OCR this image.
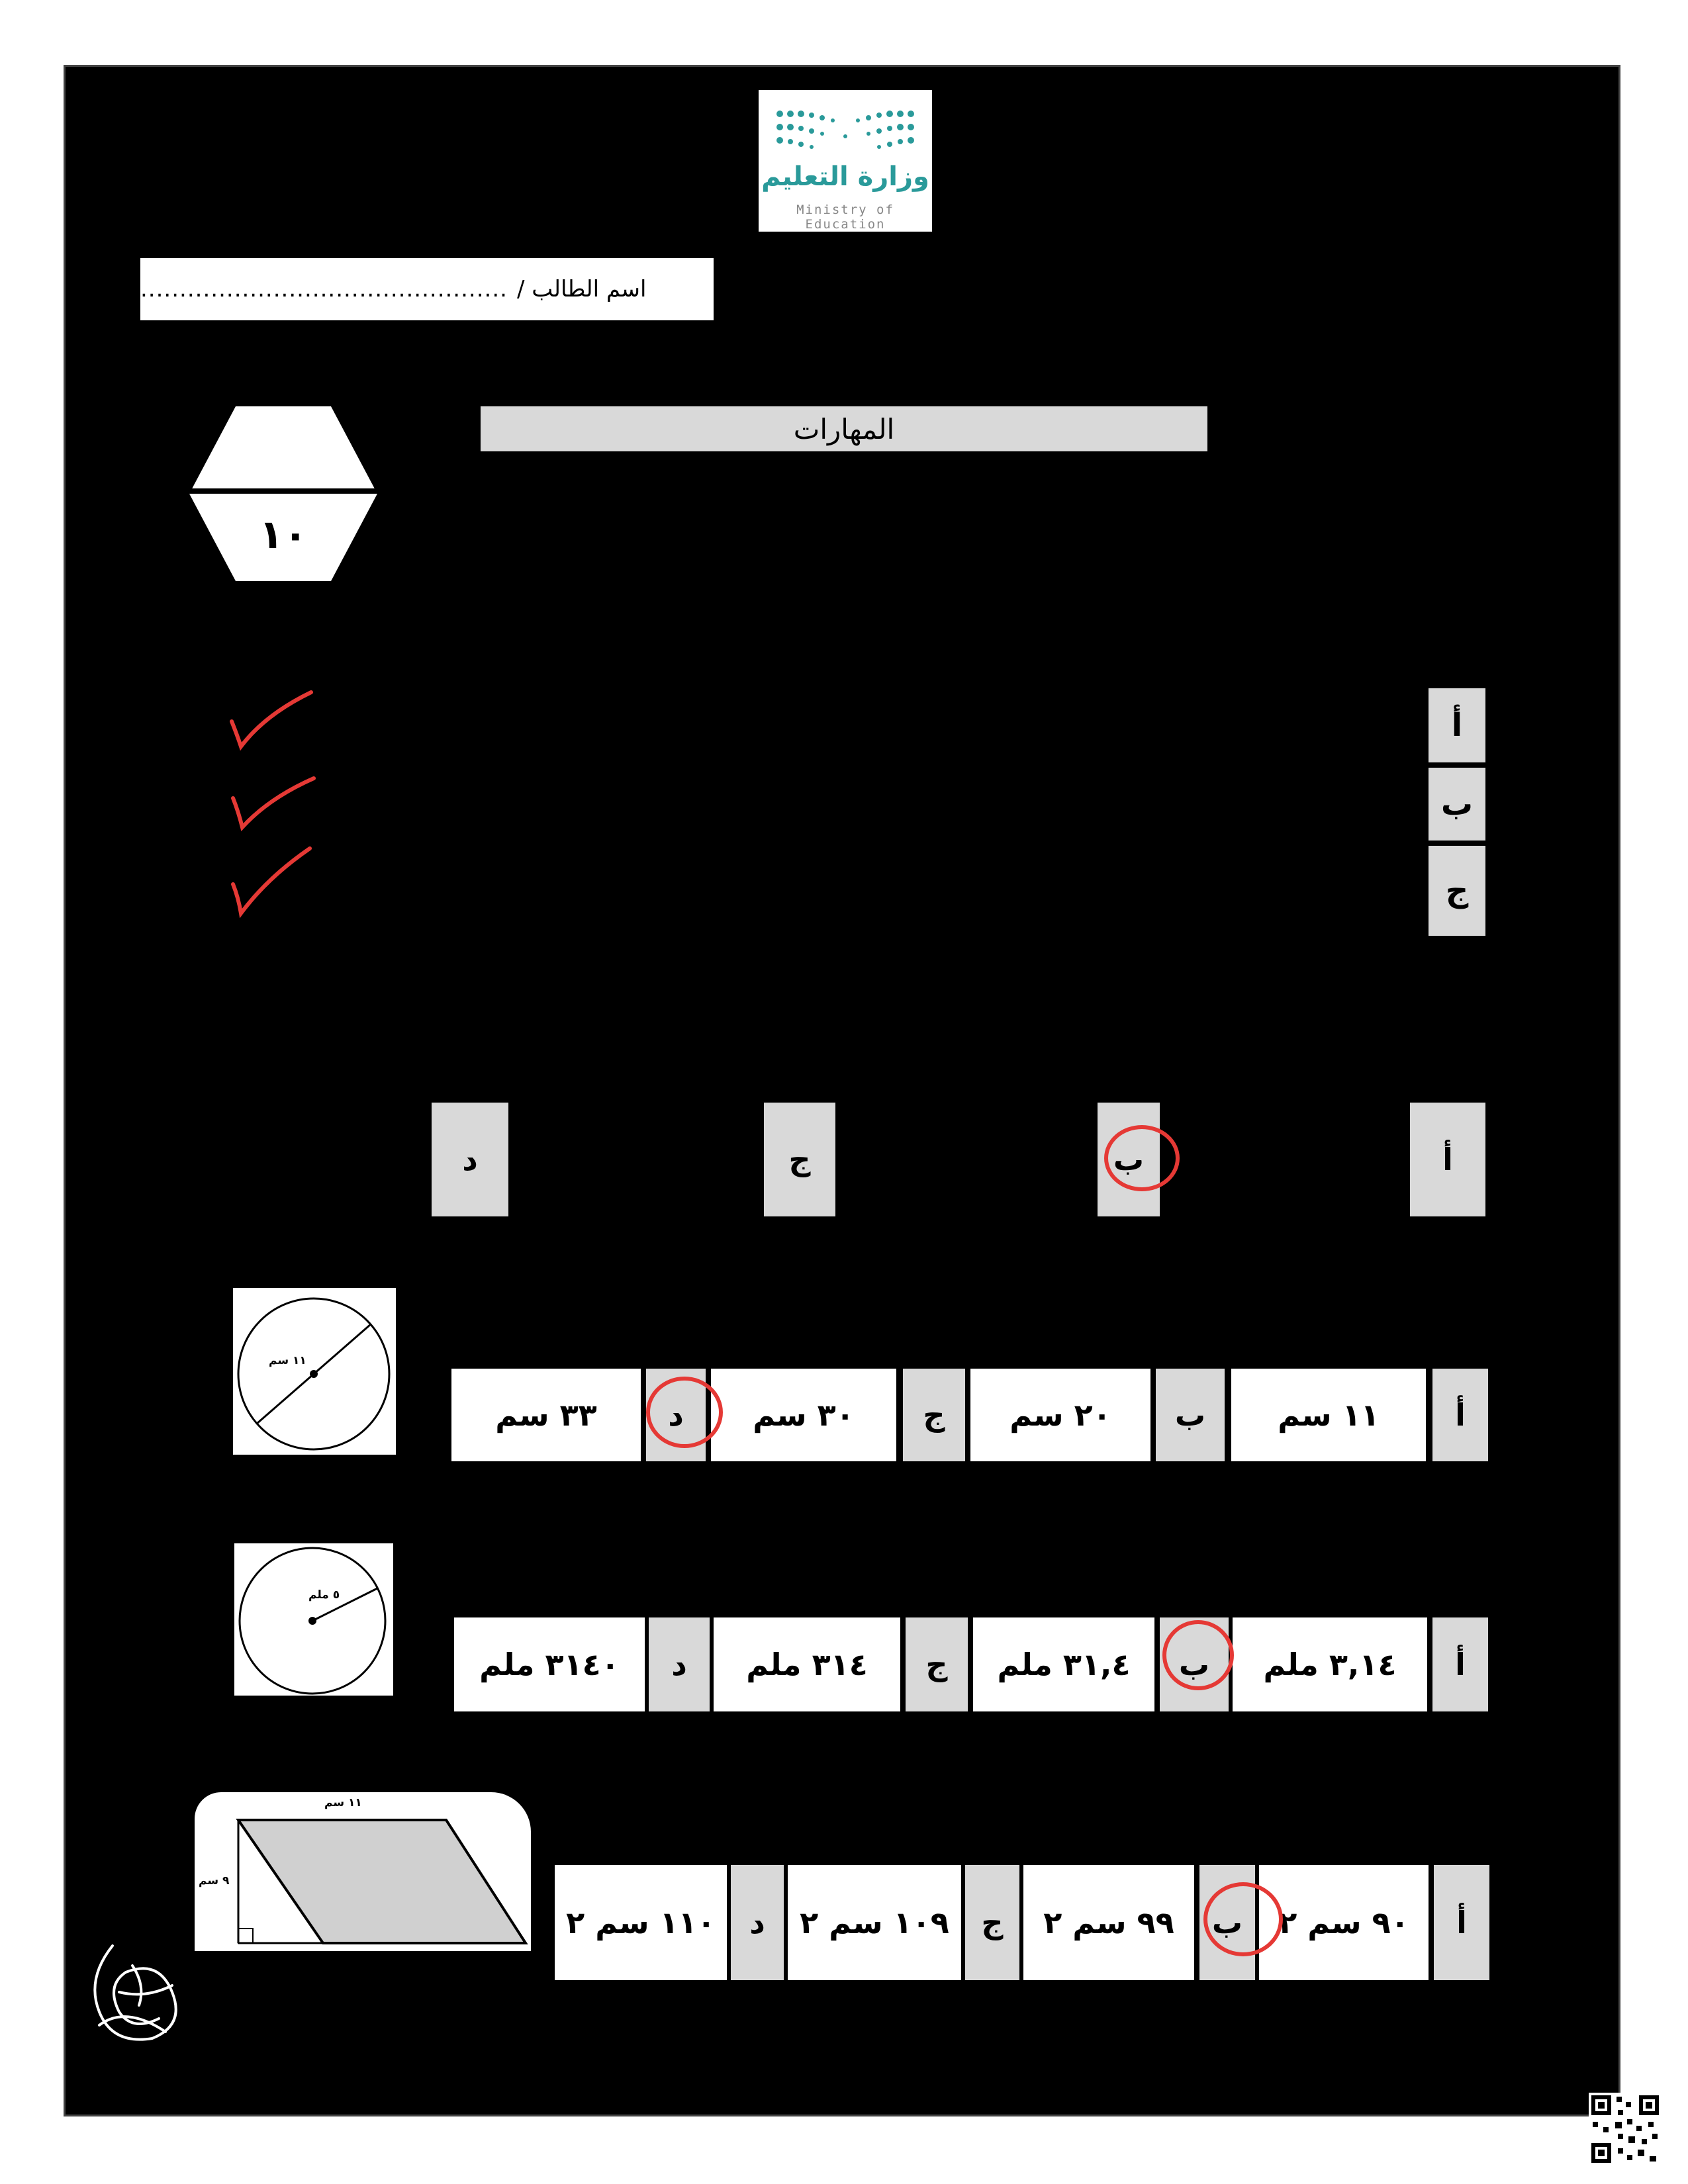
وزارة التعليم
Ministry of Education
اسم الطالب /
...............................................
المهارات
١٠
أ
ب
ج
أ
ب
ج
د
١١ سم
أ
١١ سم
ب
٢٠ سم
ج
٣٠ سم
د
٣٣ سم
٥ ملم
أ
٣,١٤ ملم
ب
٣١,٤ ملم
ج
٣١٤ ملم
د
٣١٤٠ ملم
١١ سم
٩ سم
أ
٩٠ سم ٢
ب
٩٩ سم ٢
ج
١٠٩ سم ٢
د
١١٠ سم ٢
